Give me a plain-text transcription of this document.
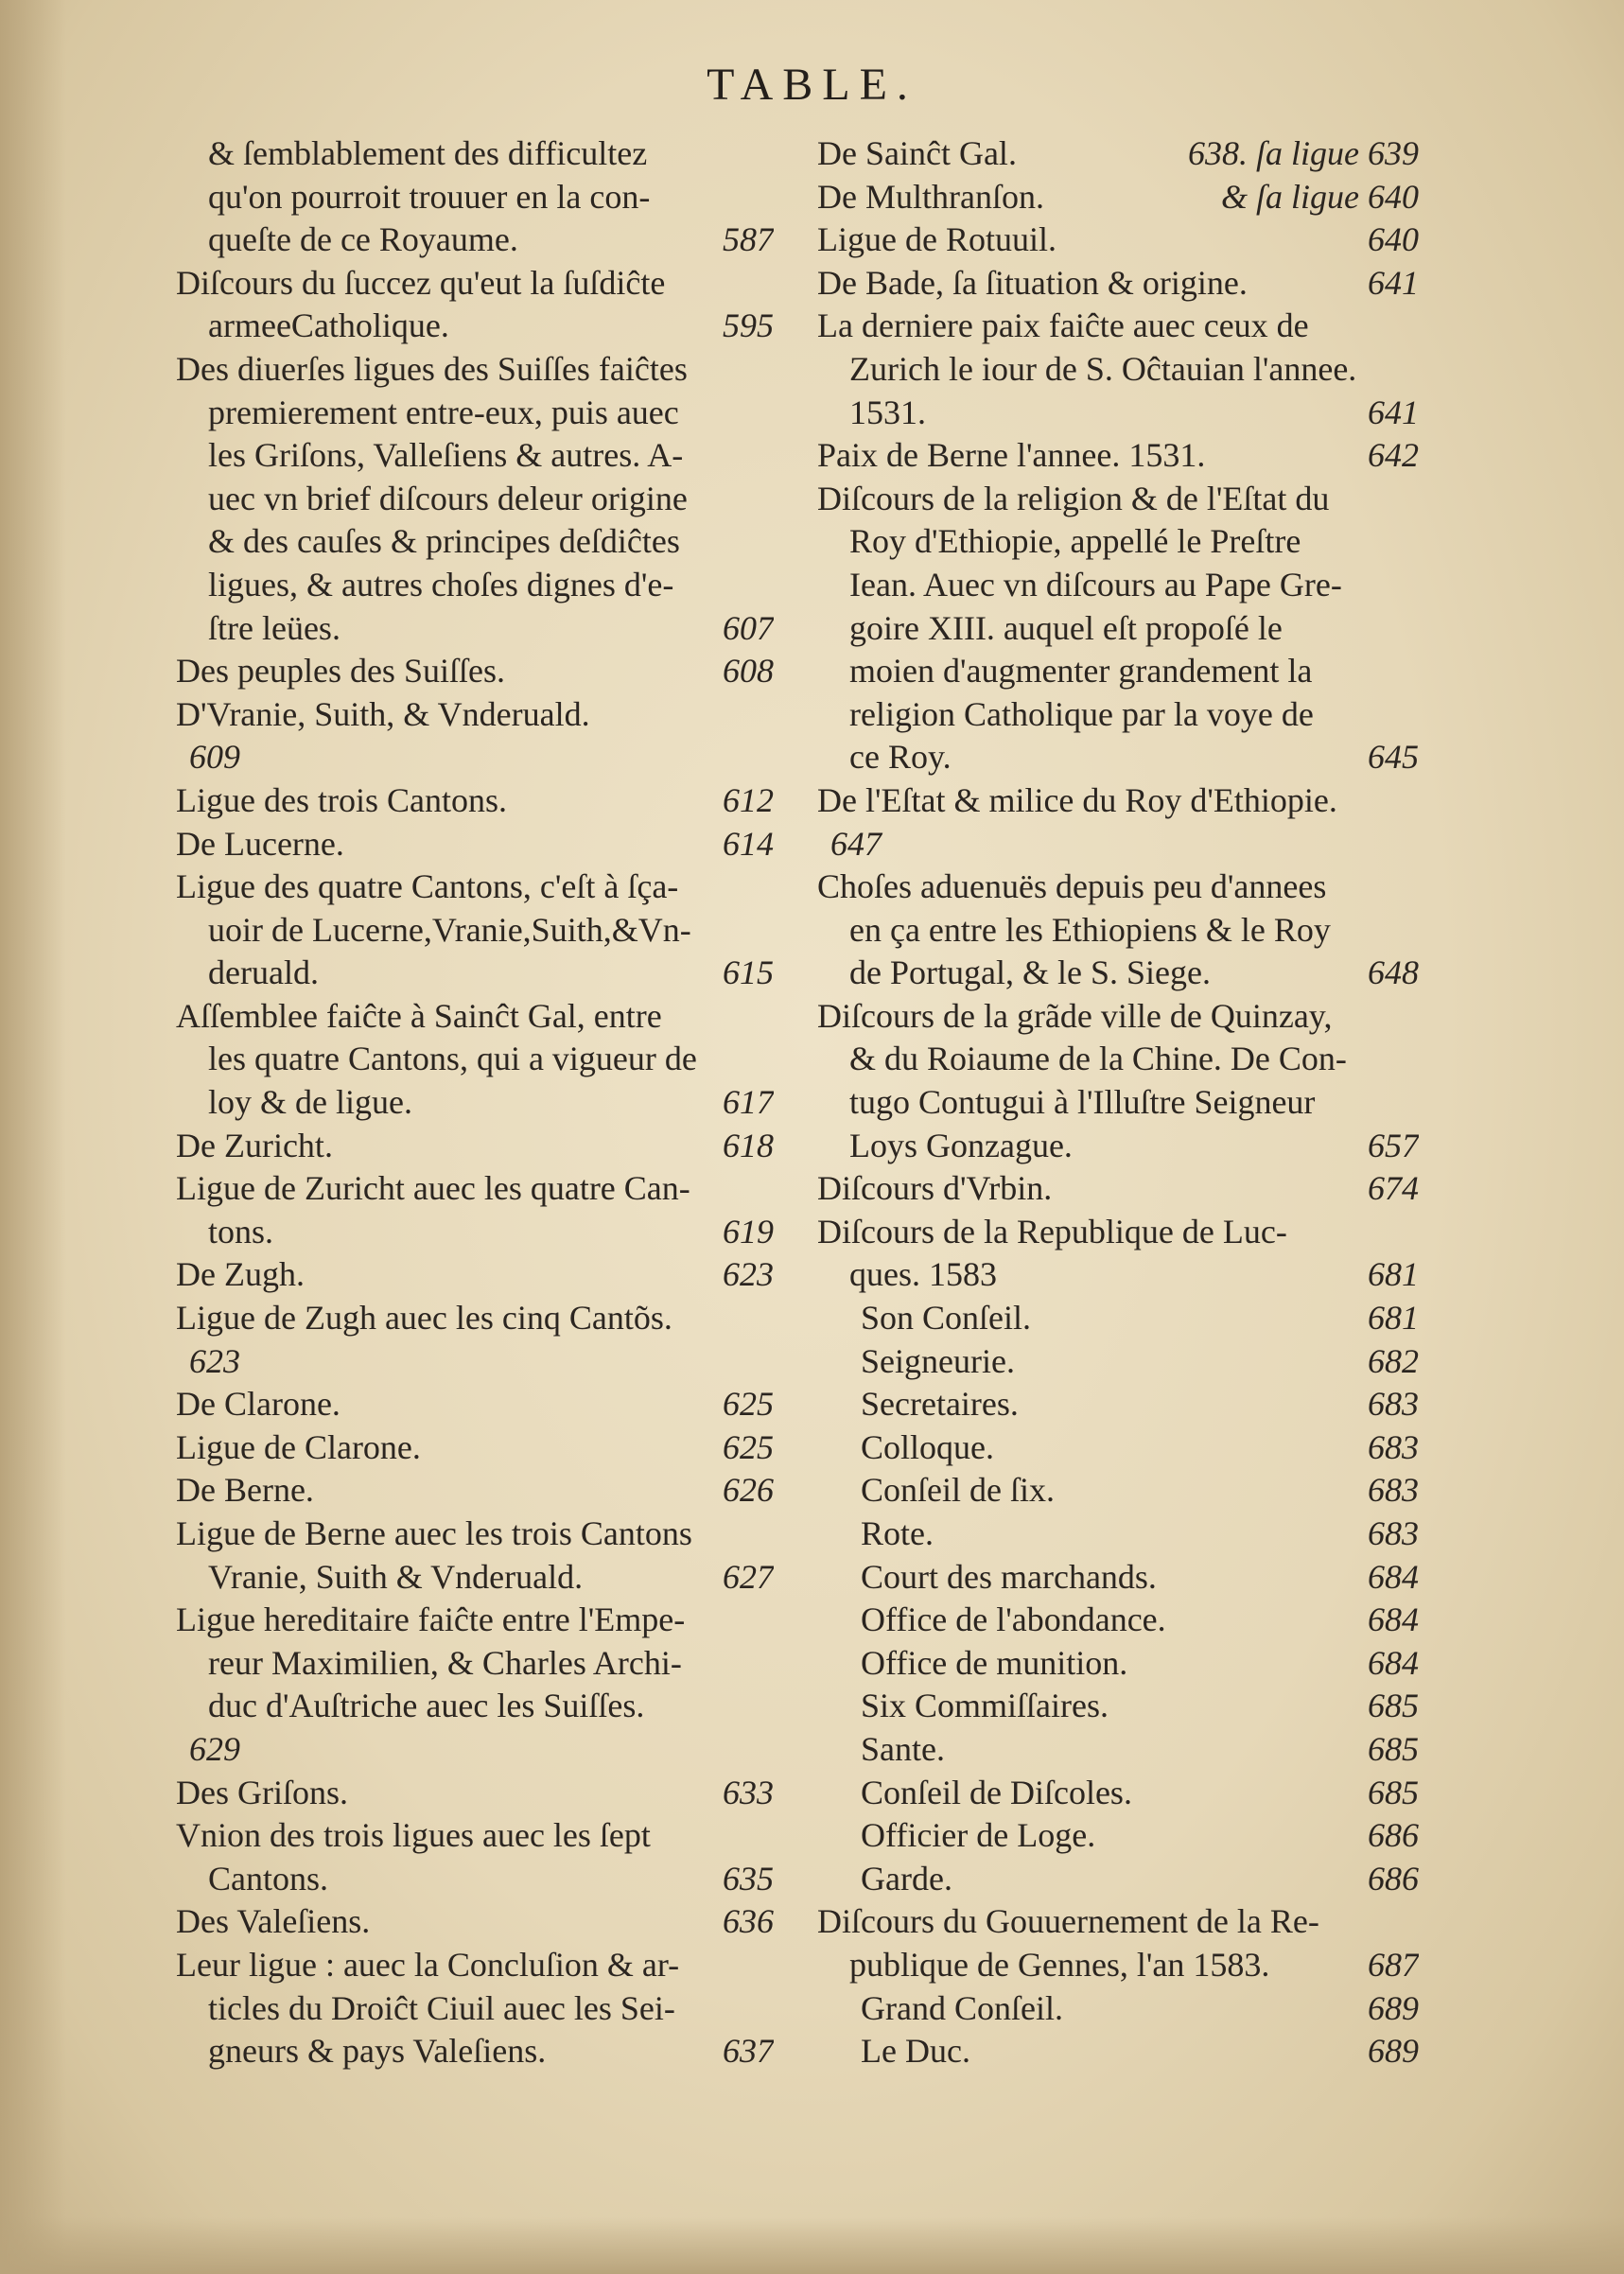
TABLE.
& ſemblablement des difficultez
qu'on pourroit trouuer en la con-
queſte de ce Royaume.	587
Diſcours du ſuccez qu'eut la ſuſdiĉte
armeeCatholique.	595
Des diuerſes ligues des Suiſſes faiĉtes
premierement entre-eux, puis auec
les Griſons, Valleſiens & autres. A-
uec vn brief diſcours deleur origine
& des cauſes & principes deſdiĉtes
ligues, & autres choſes dignes d'e-
ſtre leües.	607
Des peuples des Suiſſes.	608
D'Vranie, Suith, & Vnderuald.
609
Ligue des trois Cantons.	612
De Lucerne.	614
Ligue des quatre Cantons, c'eſt à ſça-
uoir de Lucerne,Vranie,Suith,&Vn-
deruald.	615
Aſſemblee faiĉte à Sainĉt Gal, entre
les quatre Cantons, qui a vigueur de
loy & de ligue.	617
De Zuricht.	618
Ligue de Zuricht auec les quatre Can-
tons.	619
De Zugh.	623
Ligue de Zugh auec les cinq Cantõs.
623
De Clarone.	625
Ligue de Clarone.	625
De Berne.	626
Ligue de Berne auec les trois Cantons
Vranie, Suith & Vnderuald.	627
Ligue hereditaire faiĉte entre l'Empe-
reur Maximilien, & Charles Archi-
duc d'Auſtriche auec les Suiſſes.
629
Des Griſons.	633
Vnion des trois ligues auec les ſept
Cantons.	635
Des Valeſiens.	636
Leur ligue : auec la Concluſion & ar-
ticles du Droiĉt Ciuil auec les Sei-
gneurs & pays Valeſiens.	637
De Sainĉt Gal.	638. ſa ligue 639
De Multhranſon.	& ſa ligue 640
Ligue de Rotuuil.	640
De Bade, ſa ſituation & origine.	641
La derniere paix faiĉte auec ceux de
Zurich le iour de S. Oĉtauian l'annee.
1531.	641
Paix de Berne l'annee. 1531.	642
Diſcours de la religion & de l'Eſtat du
Roy d'Ethiopie, appellé le Preſtre
Iean. Auec vn diſcours au Pape Gre-
goire XIII. auquel eſt propoſé le
moien d'augmenter grandement la
religion Catholique par la voye de
ce Roy.	645
De l'Eſtat & milice du Roy d'Ethiopie.
647
Choſes aduenuës depuis peu d'annees
en ça entre les Ethiopiens & le Roy
de Portugal, & le S. Siege.	648
Diſcours de la grãde ville de Quinzay,
& du Roiaume de la Chine. De Con-
tugo Contugui à l'Illuſtre Seigneur
Loys Gonzague.	657
Diſcours d'Vrbin.	674
Diſcours de la Republique de Luc-
ques. 1583	681
Son Conſeil.	681
Seigneurie.	682
Secretaires.	683
Colloque.	683
Conſeil de ſix.	683
Rote.	683
Court des marchands.	684
Office de l'abondance.	684
Office de munition.	684
Six Commiſſaires.	685
Sante.	685
Conſeil de Diſcoles.	685
Officier de Loge.	686
Garde.	686
Diſcours du Gouuernement de la Re-
publique de Gennes, l'an 1583.	687
Grand Conſeil.	689
Le Duc.	689
